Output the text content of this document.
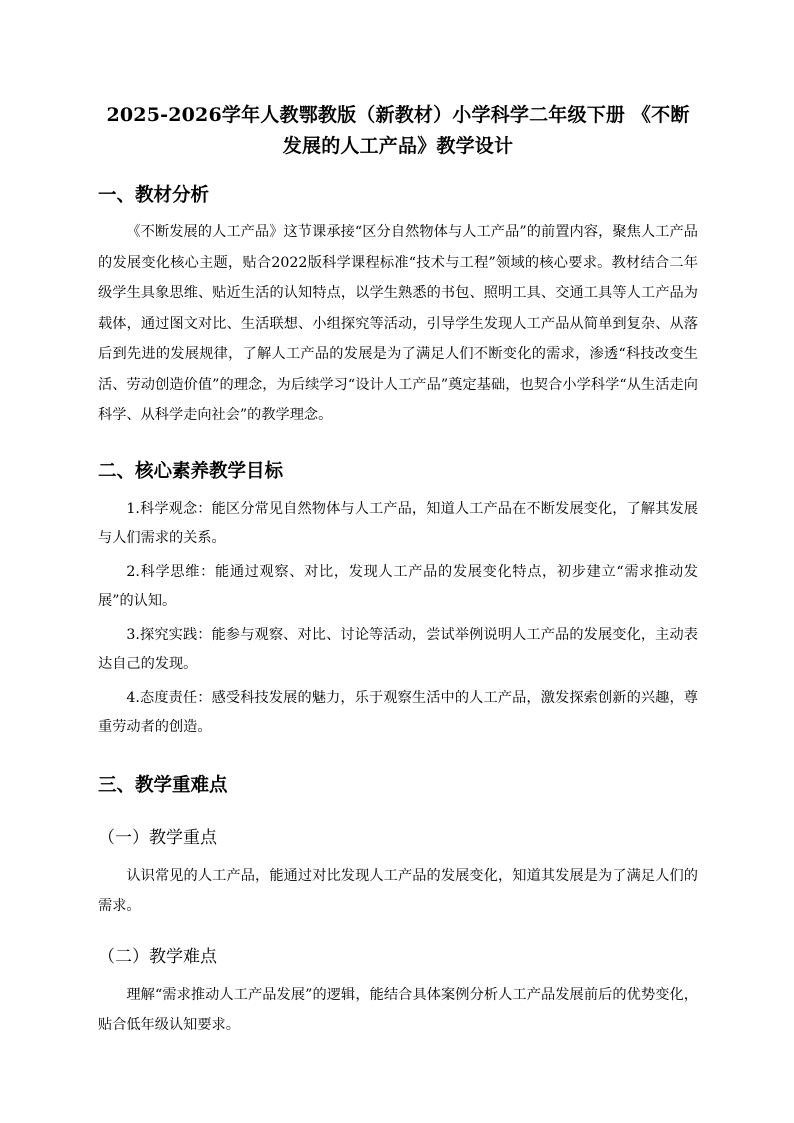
2025-2026学年人教鄂教版（新教材）小学科学二年级下册 《不断发展的人工产品》教学设计
一、教材分析

《不断发展的人工产品》这节课承接“区分自然物体与人工产品”的前置内容，聚焦人工产品的发展变化核心主题，贴合2022版科学课程标准“技术与工程”领域的核心要求。教材结合二年级学生具象思维、贴近生活的认知特点，以学生熟悉的书包、照明工具、交通工具等人工产品为载体，通过图文对比、生活联想、小组探究等活动，引导学生发现人工产品从简单到复杂、从落后到先进的发展规律，了解人工产品的发展是为了满足人们不断变化的需求，渗透“科技改变生活、劳动创造价值”的理念，为后续学习“设计人工产品”奠定基础，也契合小学科学“从生活走向科学、从科学走向社会”的教学理念。

二、核心素养教学目标

1.科学观念：能区分常见自然物体与人工产品，知道人工产品在不断发展变化，了解其发展与人们需求的关系。

2.科学思维：能通过观察、对比，发现人工产品的发展变化特点，初步建立“需求推动发展”的认知。

3.探究实践：能参与观察、对比、讨论等活动，尝试举例说明人工产品的发展变化，主动表达自己的发现。

4.态度责任：感受科技发展的魅力，乐于观察生活中的人工产品，激发探索创新的兴趣，尊重劳动者的创造。

三、教学重难点
（一）教学重点

认识常见的人工产品，能通过对比发现人工产品的发展变化，知道其发展是为了满足人们的需求。

（二）教学难点

理解“需求推动人工产品发展”的逻辑，能结合具体案例分析人工产品发展前后的优势变化，贴合低年级认知要求。
